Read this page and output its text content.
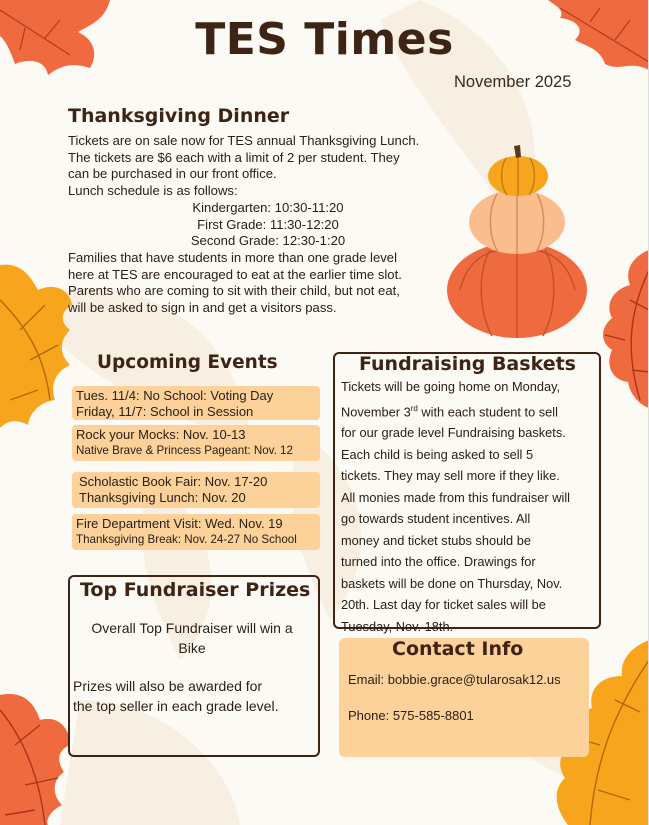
TES Times
November 2025
Thanksgiving Dinner

Tickets are on sale now for TES annual Thanksgiving Lunch.

The tickets are $6 each with a limit of 2 per student. They

can be purchased in our front office.

Lunch schedule is as follows:

Kindergarten: 10:30-11:20

First Grade: 11:30-12:20

Second Grade: 12:30-1:20

Families that have students in more than one grade level

here at TES are encouraged to eat at the earlier time slot.

Parents who are coming to sit with their child, but not eat,

will be asked to sign in and get a visitors pass.

Upcoming Events
Tues. 11/4: No School: Voting Day
Friday, 11/7: School in Session
Rock your Mocks: Nov. 10-13
Native Brave & Princess Pageant: Nov. 12
Scholastic Book Fair: Nov. 17-20
Thanksgiving Lunch: Nov. 20
Fire Department Visit: Wed. Nov. 19
Thanksgiving Break: Nov. 24-27 No School
Fundraising Baskets
Tickets will be going home on Monday,
November 3rd with each student to sell
for our grade level Fundraising baskets.
Each child is being asked to sell 5
tickets. They may sell more if they like.
All monies made from this fundraiser will
go towards student incentives. All
money and ticket stubs should be
turned into the office. Drawings for
baskets will be done on Thursday, Nov.
20th. Last day for ticket sales will be
Tuesday, Nov. 18th.
Top Fundraiser Prizes
Overall Top Fundraiser will win a
Bike
Prizes will also be awarded for
the top seller in each grade level.
Contact Info
Email: bobbie.grace@tularosak12.us
Phone: 575-585-8801
